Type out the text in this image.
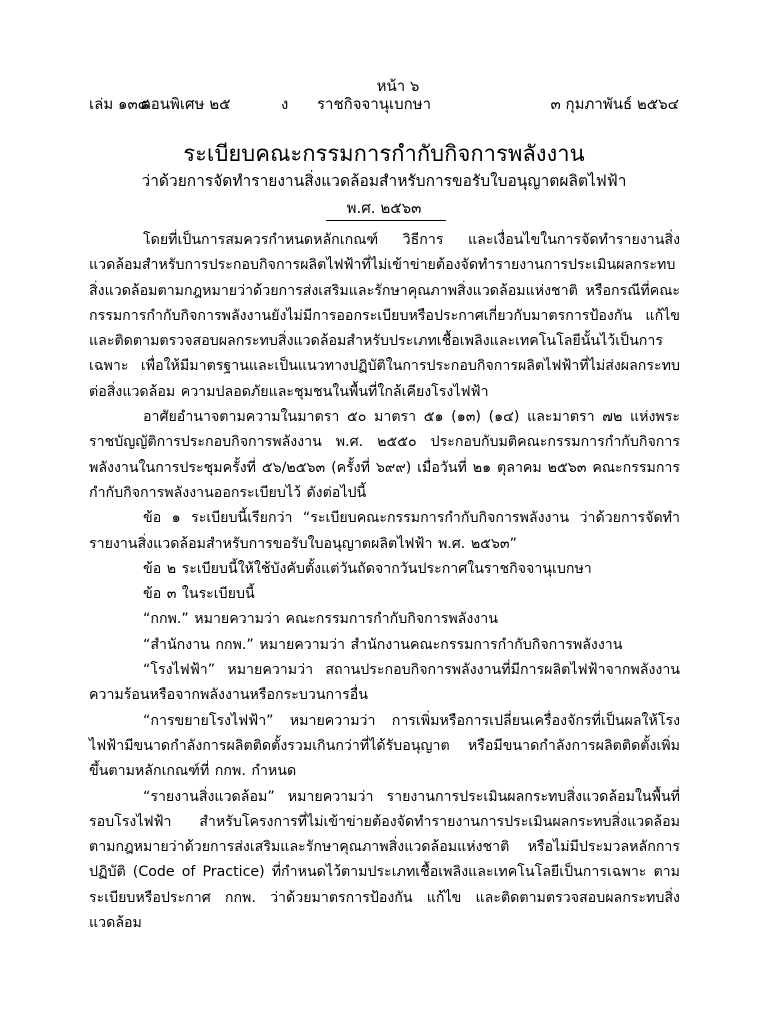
หน้า ๖
เล่ม ๑๓๘
ตอนพิเศษ ๒๕	ง ราชกิจจานุเบกษา	๓ กุมภาพันธ์ ๒๕๖๔
ระเบียบคณะกรรมการกำกับกิจการพลังงาน
ว่าด้วยการจัดทำรายงานสิ่งแวดล้อมสำหรับการขอรับใบอนุญาตผลิตไฟฟ้า
พ.ศ. ๒๕๖๓

โดยที่เป็นการสมควรกำหนดหลักเกณฑ์ วิธีการ และเงื่อนไขในการจัดทำรายงานสิ่งแวดล้อมสำหรับการประกอบกิจการผลิตไฟฟ้าที่ไม่เข้าข่ายต้องจัดทำรายงานการประเมินผลกระทบสิ่งแวดล้อมตามกฎหมายว่าด้วยการส่งเสริมและรักษาคุณภาพสิ่งแวดล้อมแห่งชาติ หรือกรณีที่คณะกรรมการกำกับกิจการพลังงานยังไม่มีการออกระเบียบหรือประกาศเกี่ยวกับมาตรการป้องกัน แก้ไข และติดตามตรวจสอบผลกระทบสิ่งแวดล้อมสำหรับประเภทเชื้อเพลิงและเทคโนโลยีนั้นไว้เป็นการเฉพาะ เพื่อให้มีมาตรฐานและเป็นแนวทางปฏิบัติในการประกอบกิจการผลิตไฟฟ้าที่ไม่ส่งผลกระทบต่อสิ่งแวดล้อม ความปลอดภัยและชุมชนในพื้นที่ใกล้เคียงโรงไฟฟ้า

อาศัยอำนาจตามความในมาตรา ๕๐ มาตรา ๕๑ (๑๓) (๑๔) และมาตรา ๗๒ แห่งพระราชบัญญัติการประกอบกิจการพลังงาน พ.ศ. ๒๕๕๐ ประกอบกับมติคณะกรรมการกำกับกิจการพลังงานในการประชุมครั้งที่ ๕๖/๒๕๖๓ (ครั้งที่ ๖๙๙) เมื่อวันที่ ๒๑ ตุลาคม ๒๕๖๓ คณะกรรมการกำกับกิจการพลังงานออกระเบียบไว้ ดังต่อไปนี้

ข้อ ๑ ระเบียบนี้เรียกว่า “ระเบียบคณะกรรมการกำกับกิจการพลังงาน ว่าด้วยการจัดทำรายงานสิ่งแวดล้อมสำหรับการขอรับใบอนุญาตผลิตไฟฟ้า พ.ศ. ๒๕๖๓”

ข้อ ๒ ระเบียบนี้ให้ใช้บังคับตั้งแต่วันถัดจากวันประกาศในราชกิจจานุเบกษา

ข้อ ๓ ในระเบียบนี้

“กกพ.” หมายความว่า คณะกรรมการกำกับกิจการพลังงาน

“สำนักงาน กกพ.” หมายความว่า สำนักงานคณะกรรมการกำกับกิจการพลังงาน

“โรงไฟฟ้า” หมายความว่า สถานประกอบกิจการพลังงานที่มีการผลิตไฟฟ้าจากพลังงานความร้อนหรือจากพลังงานหรือกระบวนการอื่น

“การขยายโรงไฟฟ้า” หมายความว่า การเพิ่มหรือการเปลี่ยนเครื่องจักรที่เป็นผลให้โรงไฟฟ้ามีขนาดกำลังการผลิตติดตั้งรวมเกินกว่าที่ได้รับอนุญาต หรือมีขนาดกำลังการผลิตติดตั้งเพิ่มขึ้นตามหลักเกณฑ์ที่ กกพ. กำหนด

“รายงานสิ่งแวดล้อม” หมายความว่า รายงานการประเมินผลกระทบสิ่งแวดล้อมในพื้นที่รอบโรงไฟฟ้า สำหรับโครงการที่ไม่เข้าข่ายต้องจัดทำรายงานการประเมินผลกระทบสิ่งแวดล้อมตามกฎหมายว่าด้วยการส่งเสริมและรักษาคุณภาพสิ่งแวดล้อมแห่งชาติ หรือไม่มีประมวลหลักการปฏิบัติ (Code of Practice) ที่กำหนดไว้ตามประเภทเชื้อเพลิงและเทคโนโลยีเป็นการเฉพาะ ตามระเบียบหรือประกาศ กกพ. ว่าด้วยมาตรการป้องกัน แก้ไข และติดตามตรวจสอบผลกระทบสิ่งแวดล้อม
